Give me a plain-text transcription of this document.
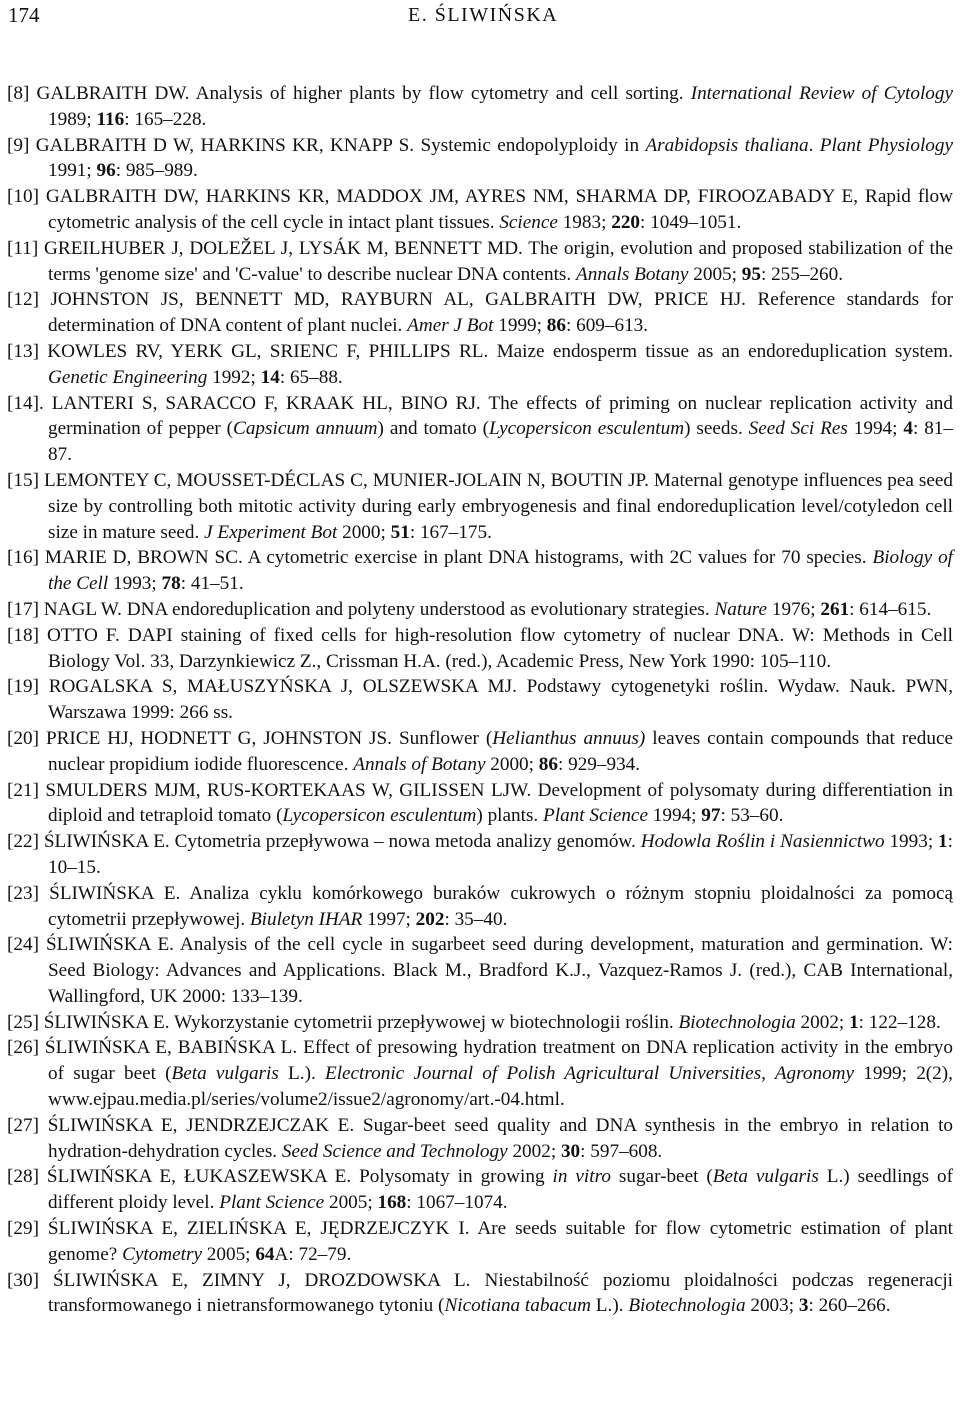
174	E. ŚLIWIŃSKA

[8] GALBRAITH DW. Analysis of higher plants by flow cytometry and cell sorting. International Review of Cytology 1989; 116: 165–228.

[9] GALBRAITH D W, HARKINS KR, KNAPP S. Systemic endopolyploidy in Arabidopsis thaliana. Plant Physiology 1991; 96: 985–989.

[10] GALBRAITH DW, HARKINS KR, MADDOX JM, AYRES NM, SHARMA DP, FIROOZABADY E, Rapid flow cytometric analysis of the cell cycle in intact plant tissues. Science 1983; 220: 1049–1051.

[11] GREILHUBER J, DOLEŽEL J, LYSÁK M, BENNETT MD. The origin, evolution and proposed stabilization of the terms 'genome size' and 'C-value' to describe nuclear DNA contents. Annals Botany 2005; 95: 255–260.

[12] JOHNSTON JS, BENNETT MD, RAYBURN AL, GALBRAITH DW, PRICE HJ. Reference standards for determination of DNA content of plant nuclei. Amer J Bot 1999; 86: 609–613.

[13] KOWLES RV, YERK GL, SRIENC F, PHILLIPS RL. Maize endosperm tissue as an endoreduplication system. Genetic Engineering 1992; 14: 65–88.

[14]. LANTERI S, SARACCO F, KRAAK HL, BINO RJ. The effects of priming on nuclear replication activity and germination of pepper (Capsicum annuum) and tomato (Lycopersicon esculentum) seeds. Seed Sci Res 1994; 4: 81–87.

[15] LEMONTEY C, MOUSSET-DÉCLAS C, MUNIER-JOLAIN N, BOUTIN JP. Maternal genotype influences pea seed size by controlling both mitotic activity during early embryogenesis and final endoreduplication level/cotyledon cell size in mature seed. J Experiment Bot 2000; 51: 167–175.

[16] MARIE D, BROWN SC. A cytometric exercise in plant DNA histograms, with 2C values for 70 species. Biology of the Cell 1993; 78: 41–51.

[17] NAGL W. DNA endoreduplication and polyteny understood as evolutionary strategies. Nature 1976; 261: 614–615.

[18] OTTO F. DAPI staining of fixed cells for high-resolution flow cytometry of nuclear DNA. W: Methods in Cell Biology Vol. 33, Darzynkiewicz Z., Crissman H.A. (red.), Academic Press, New York 1990: 105–110.

[19] ROGALSKA S, MAŁUSZYŃSKA J, OLSZEWSKA MJ. Podstawy cytogenetyki roślin. Wydaw. Nauk. PWN, Warszawa 1999: 266 ss.

[20] PRICE HJ, HODNETT G, JOHNSTON JS. Sunflower (Helianthus annuus) leaves contain compounds that reduce nuclear propidium iodide fluorescence. Annals of Botany 2000; 86: 929–934.

[21] SMULDERS MJM, RUS-KORTEKAAS W, GILISSEN LJW. Development of polysomaty during differentiation in diploid and tetraploid tomato (Lycopersicon esculentum) plants. Plant Science 1994; 97: 53–60.

[22] ŚLIWIŃSKA E. Cytometria przepływowa – nowa metoda analizy genomów. Hodowla Roślin i Nasiennictwo 1993; 1: 10–15.

[23] ŚLIWIŃSKA E. Analiza cyklu komórkowego buraków cukrowych o różnym stopniu ploidalności za pomocą cytometrii przepływowej. Biuletyn IHAR 1997; 202: 35–40.

[24] ŚLIWIŃSKA E. Analysis of the cell cycle in sugarbeet seed during development, maturation and germination. W: Seed Biology: Advances and Applications. Black M., Bradford K.J., Vazquez-Ramos J. (red.), CAB International, Wallingford, UK 2000: 133–139.

[25] ŚLIWIŃSKA E. Wykorzystanie cytometrii przepływowej w biotechnologii roślin. Biotechnologia 2002; 1: 122–128.

[26] ŚLIWIŃSKA E, BABIŃSKA L. Effect of presowing hydration treatment on DNA replication activity in the embryo of sugar beet (Beta vulgaris L.). Electronic Journal of Polish Agricultural Universities, Agronomy 1999; 2(2), www.ejpau.media.pl/series/volume2/issue2/agronomy/art.-04.html.

[27] ŚLIWIŃSKA E, JENDRZEJCZAK E. Sugar-beet seed quality and DNA synthesis in the embryo in relation to hydration-dehydration cycles. Seed Science and Technology 2002; 30: 597–608.

[28] ŚLIWIŃSKA E, ŁUKASZEWSKA E. Polysomaty in growing in vitro sugar-beet (Beta vulgaris L.) seedlings of different ploidy level. Plant Science 2005; 168: 1067–1074.

[29] ŚLIWIŃSKA E, ZIELIŃSKA E, JĘDRZEJCZYK I. Are seeds suitable for flow cytometric estimation of plant genome? Cytometry 2005; 64A: 72–79.

[30] ŚLIWIŃSKA E, ZIMNY J, DROZDOWSKA L. Niestabilność poziomu ploidalności podczas regeneracji transformowanego i nietransformowanego tytoniu (Nicotiana tabacum L.). Biotechnologia 2003; 3: 260–266.
